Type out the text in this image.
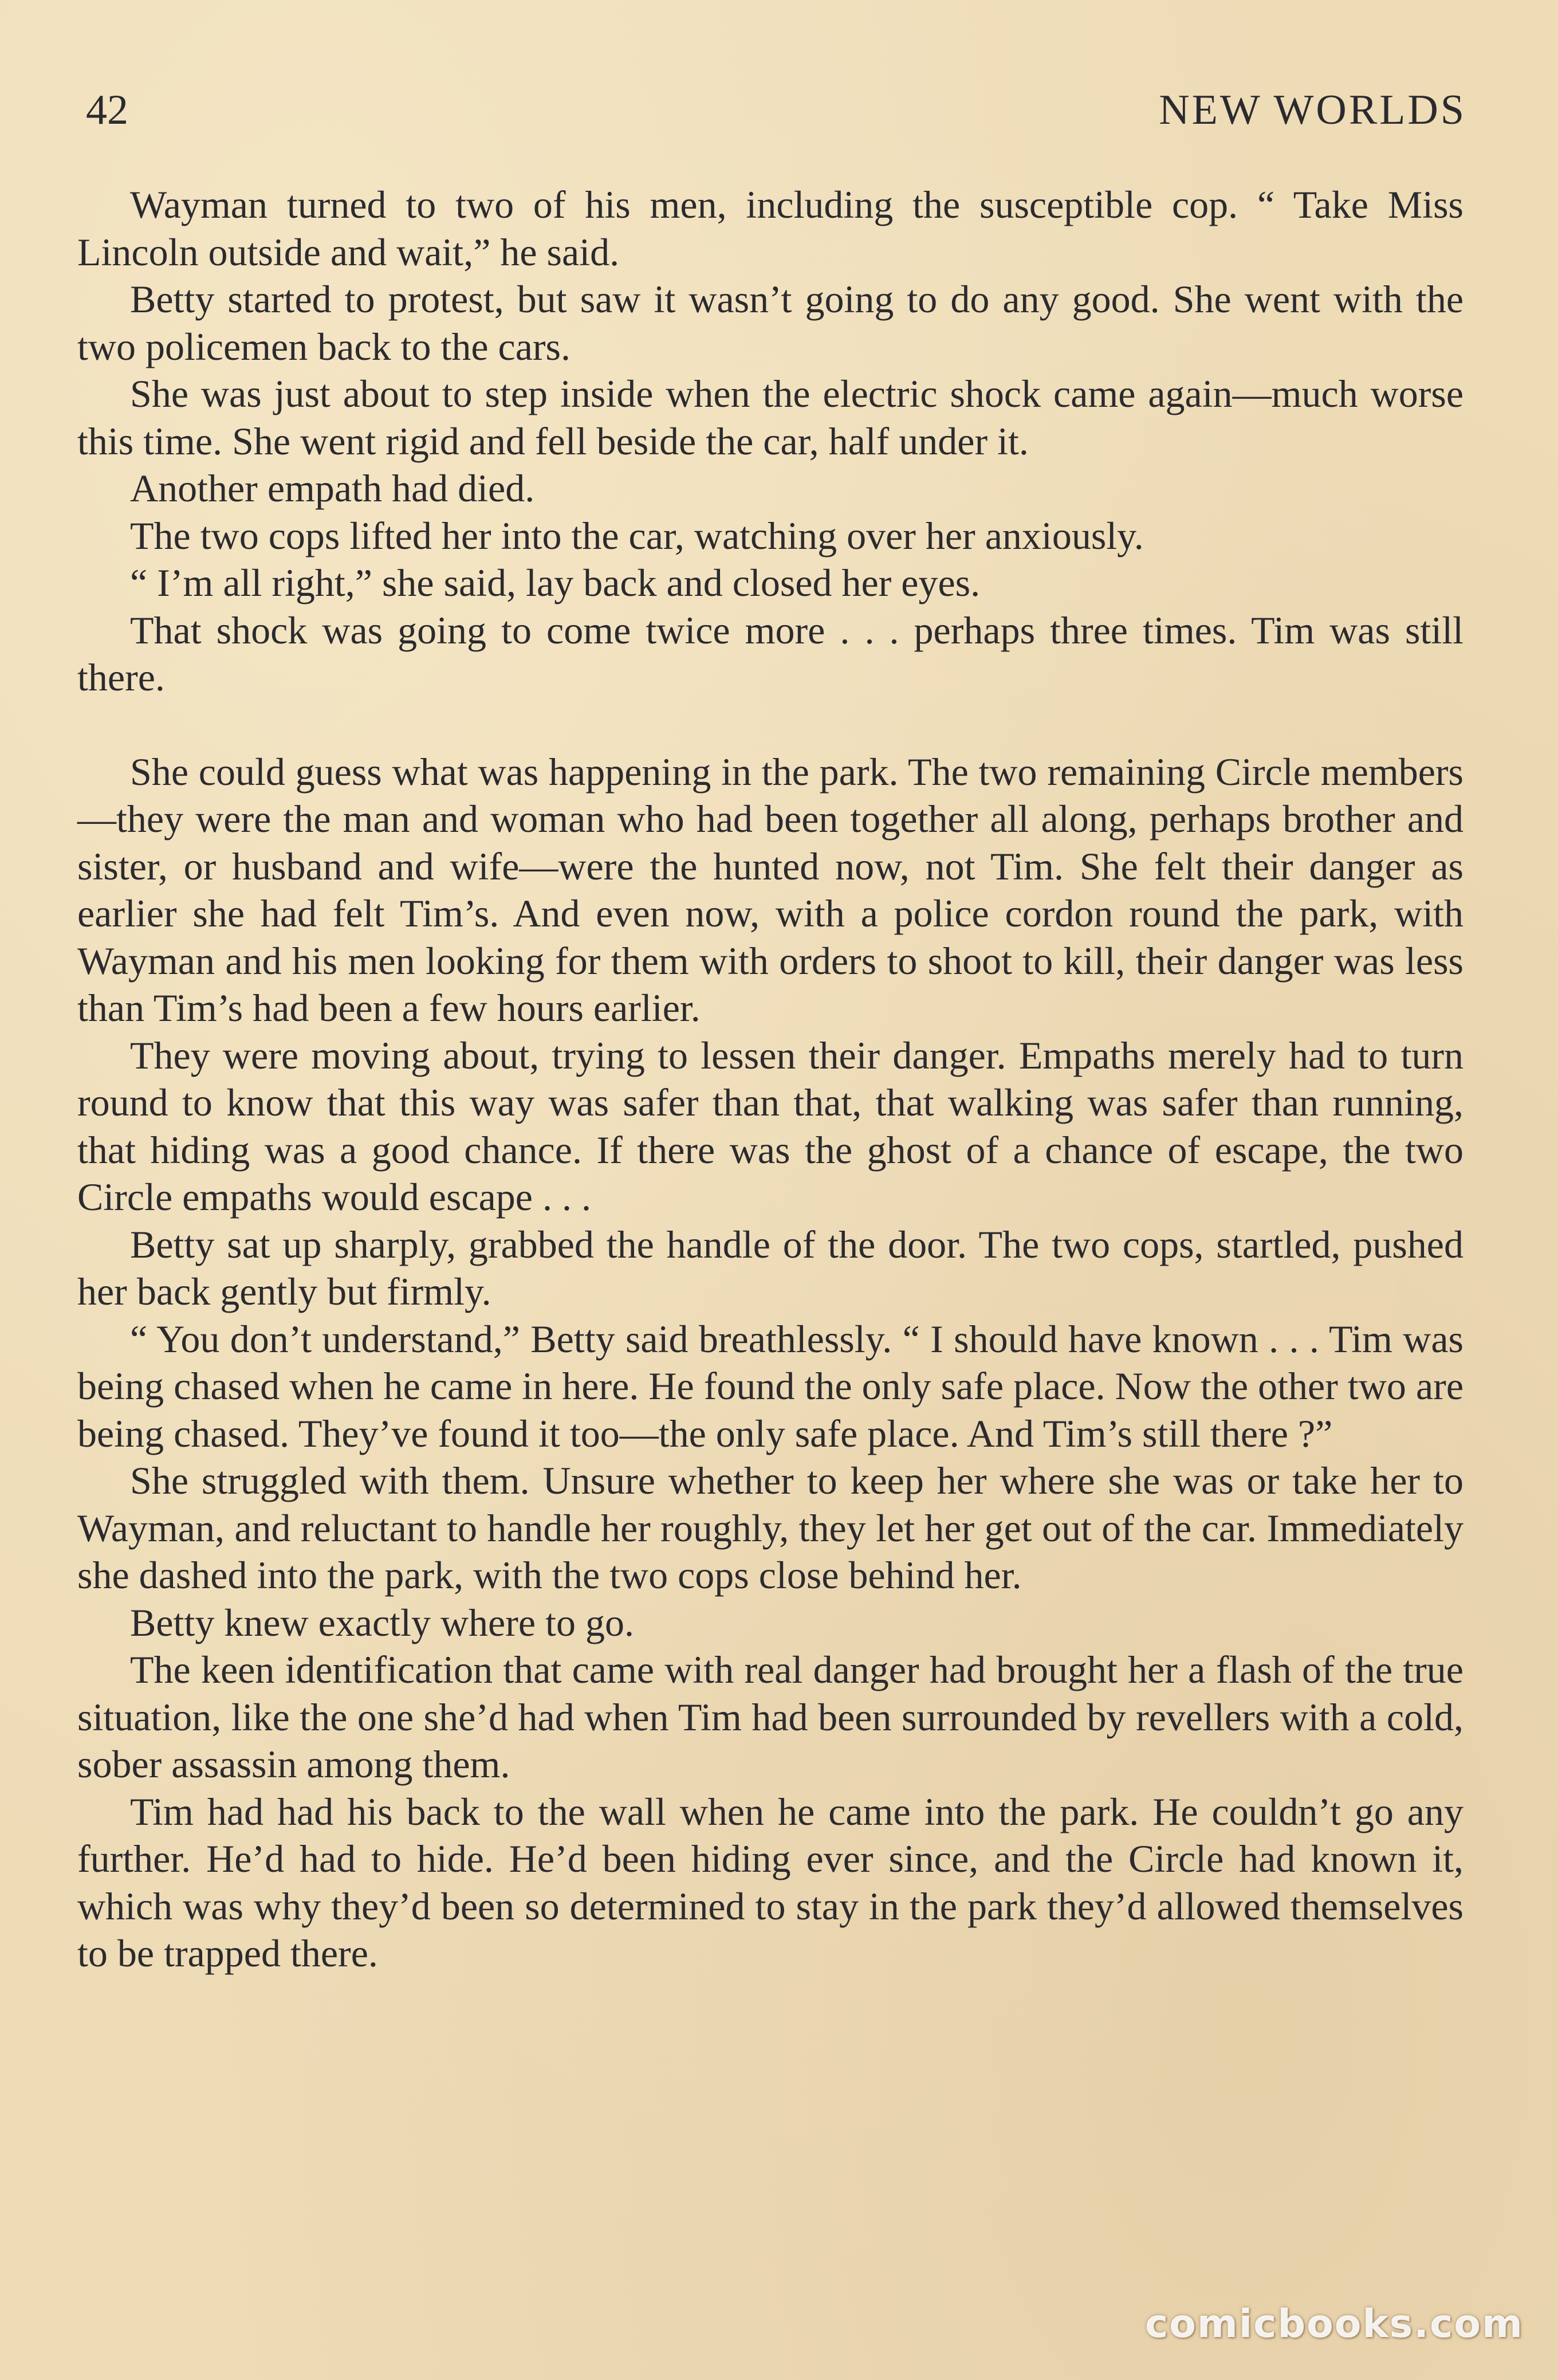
42	NEW WORLDS

Wayman turned to two of his men, including the susceptible cop. “ Take Miss Lincoln outside and wait,” he said.

Betty started to protest, but saw it wasn’t going to do any good. She went with the two policemen back to the cars.

She was just about to step inside when the electric shock came again—much worse this time. She went rigid and fell beside the car, half under it.

Another empath had died.

The two cops lifted her into the car, watching over her anxiously.

“ I’m all right,” she said, lay back and closed her eyes.

That shock was going to come twice more . . . perhaps three times. Tim was still there.

She could guess what was happening in the park. The two remaining Circle members—they were the man and woman who had been together all along, perhaps brother and sister, or husband and wife—were the hunted now, not Tim. She felt their danger as earlier she had felt Tim’s. And even now, with a police cordon round the park, with Wayman and his men looking for them with orders to shoot to kill, their danger was less than Tim’s had been a few hours earlier.

They were moving about, trying to lessen their danger. Empaths merely had to turn round to know that this way was safer than that, that walking was safer than running, that hiding was a good chance. If there was the ghost of a chance of escape, the two Circle empaths would escape . . .

Betty sat up sharply, grabbed the handle of the door. The two cops, startled, pushed her back gently but firmly.

“ You don’t understand,” Betty said breathlessly. “ I should have known . . . Tim was being chased when he came in here. He found the only safe place. Now the other two are being chased. They’ve found it too—the only safe place. And Tim’s still there ?”

She struggled with them. Unsure whether to keep her where she was or take her to Wayman, and reluctant to handle her roughly, they let her get out of the car. Immediately she dashed into the park, with the two cops close behind her.

Betty knew exactly where to go.

The keen identification that came with real danger had brought her a flash of the true situation, like the one she’d had when Tim had been surrounded by revellers with a cold, sober assassin among them.

Tim had had his back to the wall when he came into the park. He couldn’t go any further. He’d had to hide. He’d been hiding ever since, and the Circle had known it, which was why they’d been so determined to stay in the park they’d allowed themselves to be trapped there.

comicbooks.com
